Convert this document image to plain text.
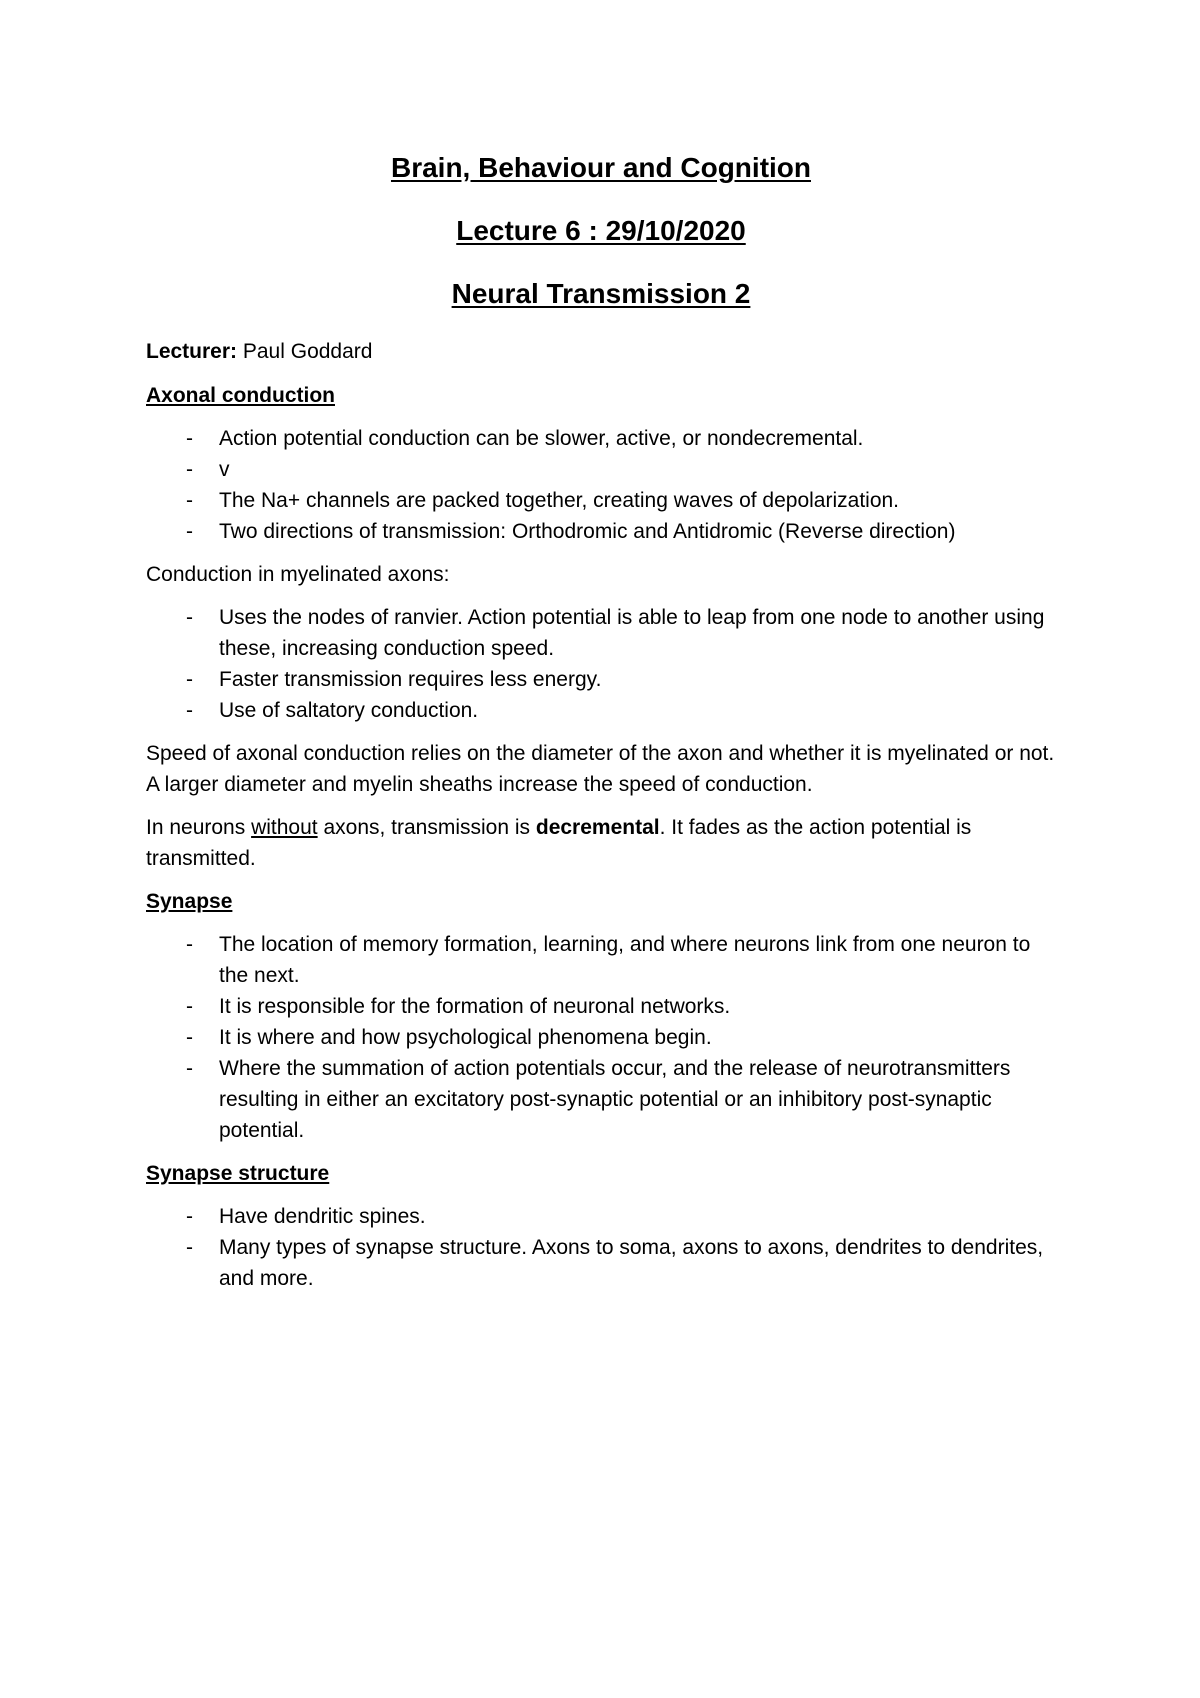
Brain, Behaviour and Cognition
Lecture 6 : 29/10/2020
Neural Transmission 2
Lecturer: Paul Goddard
Axonal conduction
- Action potential conduction can be slower, active, or nondecremental.
- v
- The Na+ channels are packed together, creating waves of depolarization.
- Two directions of transmission: Orthodromic and Antidromic (Reverse direction)
Conduction in myelinated axons:
- Uses the nodes of ranvier. Action potential is able to leap from one node to another using these, increasing conduction speed.
- Faster transmission requires less energy.
- Use of saltatory conduction.
Speed of axonal conduction relies on the diameter of the axon and whether it is myelinated or not. A larger diameter and myelin sheaths increase the speed of conduction.
In neurons without axons, transmission is decremental. It fades as the action potential is transmitted.
Synapse
- The location of memory formation, learning, and where neurons link from one neuron to the next.
- It is responsible for the formation of neuronal networks.
- It is where and how psychological phenomena begin.
- Where the summation of action potentials occur, and the release of neurotransmitters resulting in either an excitatory post-synaptic potential or an inhibitory post-synaptic potential.
Synapse structure
- Have dendritic spines.
- Many types of synapse structure. Axons to soma, axons to axons, dendrites to dendrites, and more.
